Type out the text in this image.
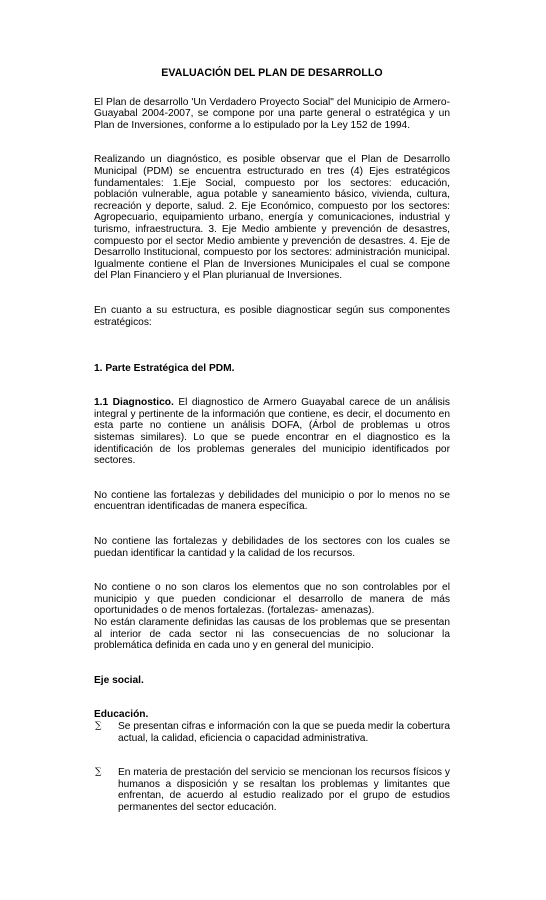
EVALUACIÓN DEL PLAN DE DESARROLLO

El Plan de desarrollo 'Un Verdadero Proyecto Social" del Municipio de Armero-Guayabal 2004-2007, se compone por una parte general o estratégica y un Plan de Inversiones, conforme a lo estipulado por la Ley 152 de 1994.

Realizando un diagnóstico, es posible observar que el Plan de Desarrollo Municipal (PDM) se encuentra estructurado en tres (4) Ejes estratégicos fundamentales: 1.Eje Social, compuesto por los sectores: educación, población vulnerable, agua potable y saneamiento básico, vivienda, cultura, recreación y deporte, salud. 2. Eje Económico, compuesto por los sectores: Agropecuario, equipamiento urbano, energía y comunicaciones, industrial y turismo, infraestructura. 3. Eje Medio ambiente y prevención de desastres, compuesto por el sector Medio ambiente y prevención de desastres. 4. Eje de Desarrollo Institucional, compuesto por los sectores: administración municipal. Igualmente contiene el Plan de Inversiones Municipales el cual se compone del Plan Financiero y el Plan plurianual de Inversiones.

En cuanto a su estructura, es posible diagnosticar según sus componentes estratégicos:

1. Parte Estratégica del PDM.

1.1 Diagnostico. El diagnostico de Armero Guayabal carece de un análisis integral y pertinente de la información que contiene, es decir, el documento en esta parte no contiene un análisis DOFA, (Árbol de problemas u otros sistemas similares). Lo que se puede encontrar en el diagnostico es la identificación de los problemas generales del municipio identificados por sectores.

No contiene las fortalezas y debilidades del municipio o por lo menos no se encuentran identificadas de manera específica.

No contiene las fortalezas y debilidades de los sectores con los cuales se puedan identificar la cantidad y la calidad de los recursos.

No contiene o no son claros los elementos que no son controlables por el municipio y que pueden condicionar el desarrollo de manera de más oportunidades o de menos fortalezas. (fortalezas- amenazas).

No están claramente definidas las causas de los problemas que se presentan al interior de cada sector ni las consecuencias de no solucionar la problemática definida en cada uno y en general del municipio.

Eje social.

Educación.

∑	Se presentan cifras e información con la que se pueda medir la cobertura actual, la calidad, eficiencia o capacidad administrativa.
∑	En materia de prestación del servicio se mencionan los recursos físicos y humanos a disposición y se resaltan los problemas y limitantes que enfrentan, de acuerdo al estudio realizado por el grupo de estudios permanentes del sector educación.
